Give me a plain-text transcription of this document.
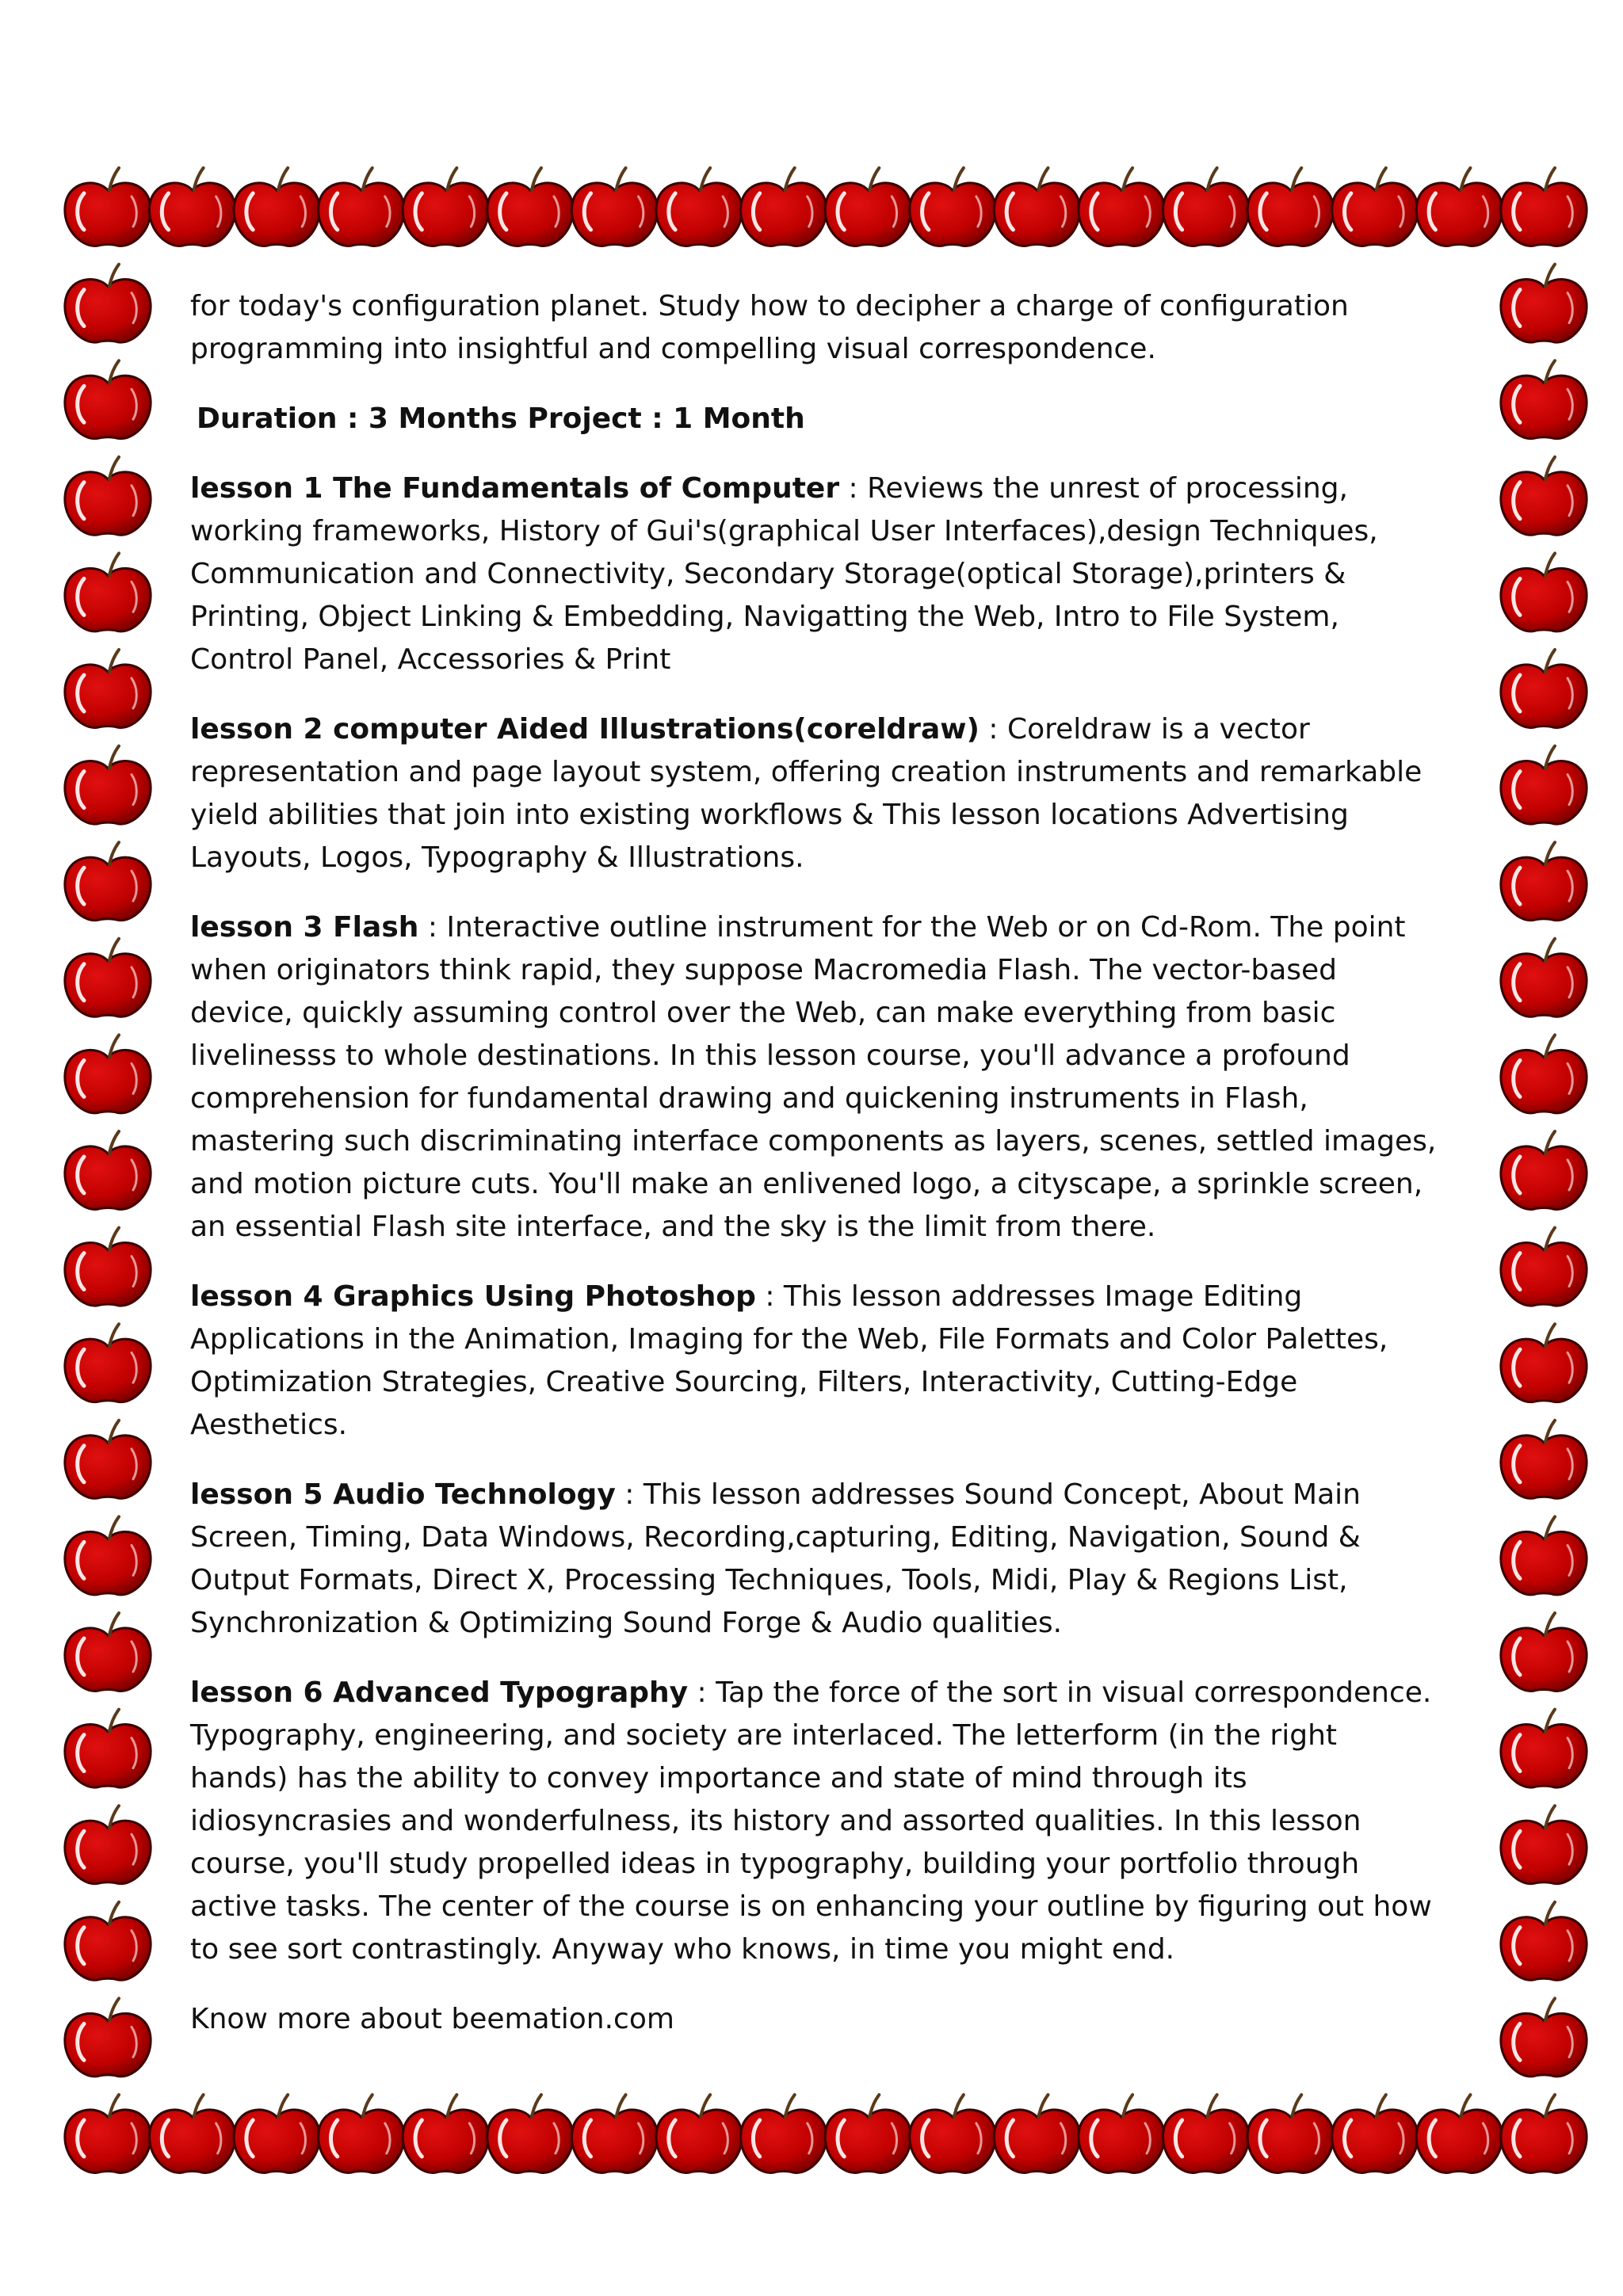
for today's configuration planet. Study how to decipher a charge of configuration programming into insightful and compelling visual correspondence.

Duration : 3 Months Project : 1 Month

lesson 1 The Fundamentals of Computer : Reviews the unrest of processing, working frameworks, History of Gui's(graphical User Interfaces),design Techniques, Communication and Connectivity, Secondary Storage(optical Storage),printers & Printing, Object Linking & Embedding, Navigatting the Web, Intro to File System, Control Panel, Accessories & Print

lesson 2 computer Aided Illustrations(coreldraw) : Coreldraw is a vector representation and page layout system, offering creation instruments and remarkable yield abilities that join into existing workflows & This lesson locations Advertising Layouts, Logos, Typography & Illustrations.

lesson 3 Flash : Interactive outline instrument for the Web or on Cd-Rom. The point when originators think rapid, they suppose Macromedia Flash. The vector-based device, quickly assuming control over the Web, can make everything from basic livelinesss to whole destinations. In this lesson course, you'll advance a profound comprehension for fundamental drawing and quickening instruments in Flash, mastering such discriminating interface components as layers, scenes, settled images, and motion picture cuts. You'll make an enlivened logo, a cityscape, a sprinkle screen, an essential Flash site interface, and the sky is the limit from there.

lesson 4 Graphics Using Photoshop : This lesson addresses Image Editing Applications in the Animation, Imaging for the Web, File Formats and Color Palettes, Optimization Strategies, Creative Sourcing, Filters, Interactivity, Cutting-Edge Aesthetics.

lesson 5 Audio Technology : This lesson addresses Sound Concept, About Main Screen, Timing, Data Windows, Recording,capturing, Editing, Navigation, Sound & Output Formats, Direct X, Processing Techniques, Tools, Midi, Play & Regions List, Synchronization & Optimizing Sound Forge & Audio qualities.

lesson 6 Advanced Typography : Tap the force of the sort in visual correspondence. Typography, engineering, and society are interlaced. The letterform (in the right hands) has the ability to convey importance and state of mind through its idiosyncrasies and wonderfulness, its history and assorted qualities. In this lesson course, you'll study propelled ideas in typography, building your portfolio through active tasks. The center of the course is on enhancing your outline by figuring out how to see sort contrastingly. Anyway who knows, in time you might end.

Know more about beemation.com
